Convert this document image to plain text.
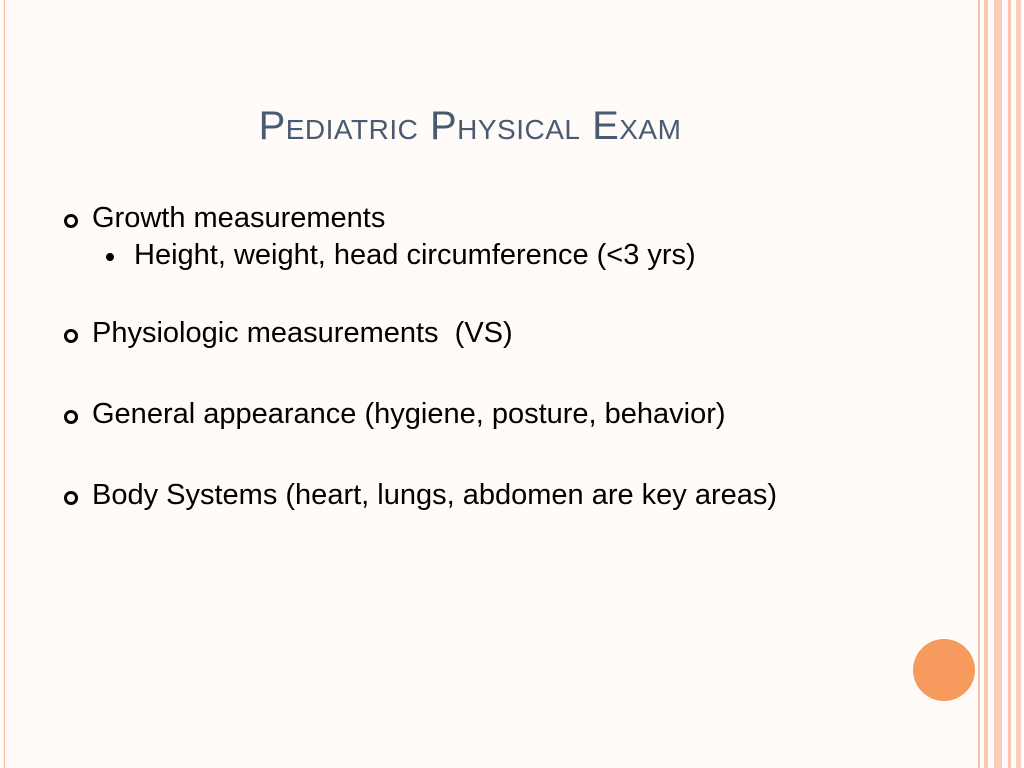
Pediatric Physical Exam
Growth measurements
Height, weight, head circumference (<3 yrs)
Physiologic measurements  (VS)
General appearance (hygiene, posture, behavior)
Body Systems (heart, lungs, abdomen are key areas)
